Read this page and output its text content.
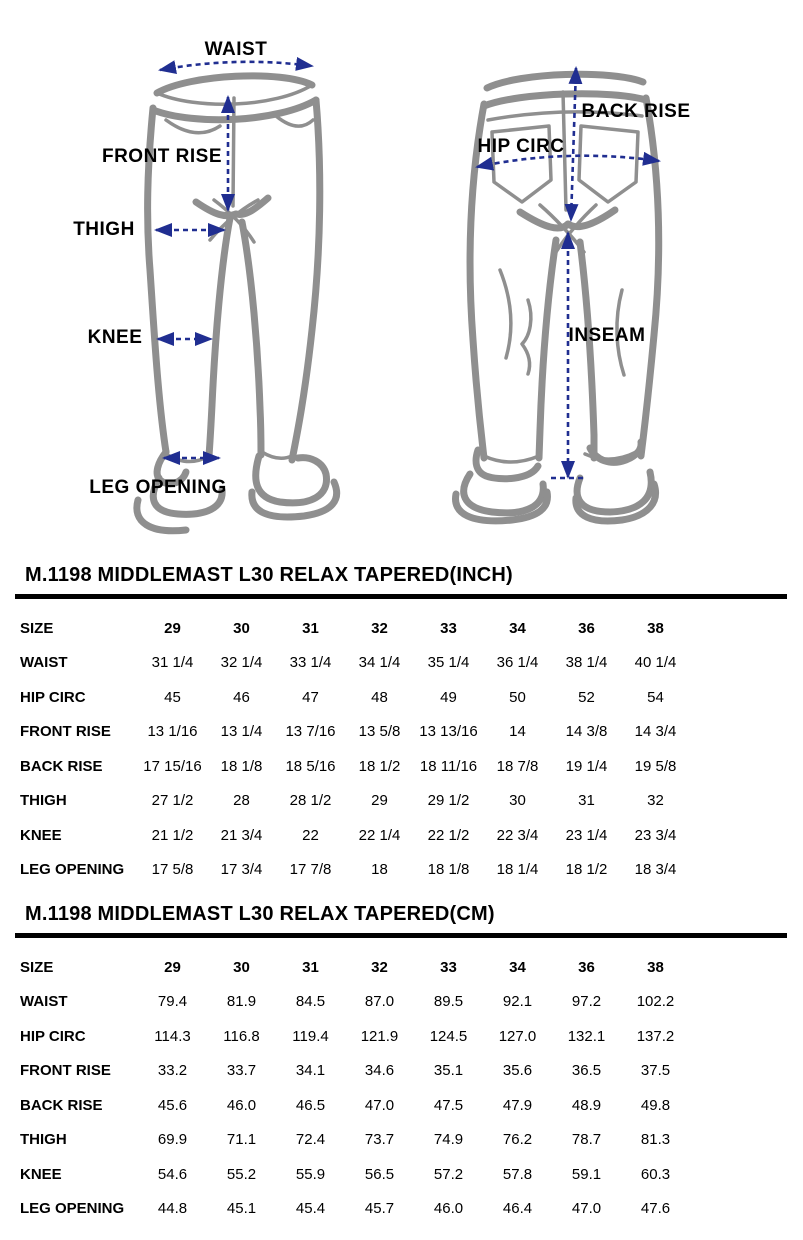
WAIST
FRONT RISE
THIGH
KNEE
LEG OPENING
BACK RISE
HIP CIRC
INSEAM
M.1198 MIDDLEMAST L30 RELAX TAPERED(INCH)
SIZE	29	30	31	32	33	34	36	38
WAIST	31 1/4	32 1/4	33 1/4	34 1/4	35 1/4	36 1/4	38 1/4	40 1/4
HIP CIRC	45	46	47	48	49	50	52	54
FRONT RISE	13 1/16	13 1/4	13 7/16	13 5/8	13 13/16	14	14 3/8	14 3/4
BACK RISE	17 15/16	18 1/8	18 5/16	18 1/2	18 11/16	18 7/8	19 1/4	19 5/8
THIGH	27 1/2	28	28 1/2	29	29 1/2	30	31	32
KNEE	21 1/2	21 3/4	22	22 1/4	22 1/2	22 3/4	23 1/4	23 3/4
LEG OPENING	17 5/8	17 3/4	17 7/8	18	18 1/8	18 1/4	18 1/2	18 3/4
M.1198 MIDDLEMAST L30 RELAX TAPERED(CM)
SIZE	29	30	31	32	33	34	36	38
WAIST	79.4	81.9	84.5	87.0	89.5	92.1	97.2	102.2
HIP CIRC	114.3	116.8	119.4	121.9	124.5	127.0	132.1	137.2
FRONT RISE	33.2	33.7	34.1	34.6	35.1	35.6	36.5	37.5
BACK RISE	45.6	46.0	46.5	47.0	47.5	47.9	48.9	49.8
THIGH	69.9	71.1	72.4	73.7	74.9	76.2	78.7	81.3
KNEE	54.6	55.2	55.9	56.5	57.2	57.8	59.1	60.3
LEG OPENING	44.8	45.1	45.4	45.7	46.0	46.4	47.0	47.6
